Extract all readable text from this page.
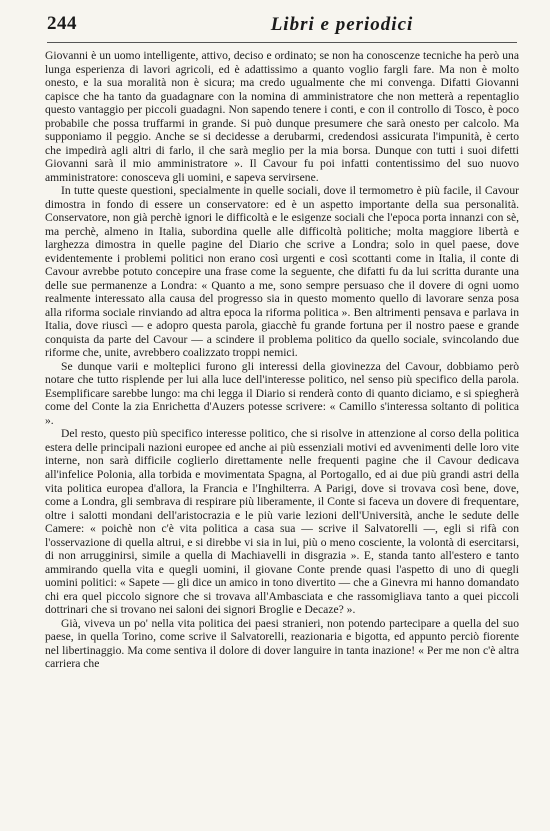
244	Libri e periodici

Giovanni è un uomo intelligente, attivo, deciso e ordinato; se non ha conoscenze tecniche ha però una lunga esperienza di lavori agricoli, ed è adattissimo a quanto voglio fargli fare. Ma non è molto onesto, e la sua moralità non è sicura; ma credo ugualmente che mi convenga. Difatti Giovanni capisce che ha tanto da guadagnare con la nomina di amministratore che non metterà a repentaglio questo vantaggio per piccoli guadagni. Non sapendo tenere i conti, e con il controllo di Tosco, è poco probabile che possa truffarmi in grande. Si può dunque presumere che sarà onesto per calcolo. Ma supponiamo il peggio. Anche se si decidesse a derubarmi, credendosi assicurata l'impunità, è certo che impedirà agli altri di farlo, il che sarà meglio per la mia borsa. Dunque con tutti i suoi difetti Giovanni sarà il mio amministratore ». Il Cavour fu poi infatti contentissimo del suo nuovo amministratore: conosceva gli uomini, e sapeva servirsene.

In tutte queste questioni, specialmente in quelle sociali, dove il termometro è più facile, il Cavour dimostra in fondo di essere un conservatore: ed è un aspetto importante della sua personalità. Conservatore, non già perchè ignori le difficoltà e le esigenze sociali che l'epoca porta innanzi con sè, ma perchè, almeno in Italia, subordina quelle alle difficoltà politiche; molta maggiore libertà e larghezza dimostra in quelle pagine del Diario che scrive a Londra; solo in quel paese, dove evidentemente i problemi politici non erano così urgenti e così scottanti come in Italia, il conte di Cavour avrebbe potuto concepire una frase come la seguente, che difatti fu da lui scritta durante una delle sue permanenze a Londra: « Quanto a me, sono sempre persuaso che il dovere di ogni uomo realmente interessato alla causa del progresso sia in questo momento quello di lavorare senza posa alla riforma sociale rinviando ad altra epoca la riforma politica ». Ben altrimenti pensava e parlava in Italia, dove riuscì — e adopro questa parola, giacchè fu grande fortuna per il nostro paese e grande conquista da parte del Cavour — a scindere il problema politico da quello sociale, svincolando due riforme che, unite, avrebbero coalizzato troppi nemici.

Se dunque varii e molteplici furono gli interessi della giovinezza del Cavour, dobbiamo però notare che tutto risplende per lui alla luce dell'interesse politico, nel senso più specifico della parola. Esemplificare sarebbe lungo: ma chi legga il Diario si renderà conto di quanto diciamo, e si spiegherà come del Conte la zia Enrichetta d'Auzers potesse scrivere: « Camillo s'interessa soltanto di politica ».

Del resto, questo più specifico interesse politico, che si risolve in attenzione al corso della politica estera delle principali nazioni europee ed anche ai più essenziali motivi ed avvenimenti delle loro vite interne, non sarà difficile coglierlo direttamente nelle frequenti pagine che il Cavour dedicava all'infelice Polonia, alla torbida e movimentata Spagna, al Portogallo, ed ai due più grandi astri della vita politica europea d'allora, la Francia e l'Inghilterra. A Parigi, dove si trovava così bene, dove, come a Londra, gli sembrava di respirare più liberamente, il Conte si faceva un dovere di frequentare, oltre i salotti mondani dell'aristocrazia e le più varie lezioni dell'Università, anche le sedute delle Camere: « poichè non c'è vita politica a casa sua — scrive il Salvatorelli —, egli si rifà con l'osservazione di quella altrui, e si direbbe vi sia in lui, più o meno cosciente, la volontà di esercitarsi, di non arrugginirsi, simile a quella di Machiavelli in disgrazia ». E, standa tanto all'estero e tanto ammirando quella vita e quegli uomini, il giovane Conte prende quasi l'aspetto di uno di quegli uomini politici: « Sapete — gli dice un amico in tono divertito — che a Ginevra mi hanno domandato chi era quel piccolo signore che si trovava all'Ambasciata e che rassomigliava tanto a quei piccoli dottrinari che si trovano nei saloni dei signori Broglie e Decaze? ».

Già, viveva un po' nella vita politica dei paesi stranieri, non potendo partecipare a quella del suo paese, in quella Torino, come scrive il Salvatorelli, reazionaria e bigotta, ed appunto perciò fiorente nel libertinaggio. Ma come sentiva il dolore di dover languire in tanta inazione! « Per me non c'è altra carriera che
